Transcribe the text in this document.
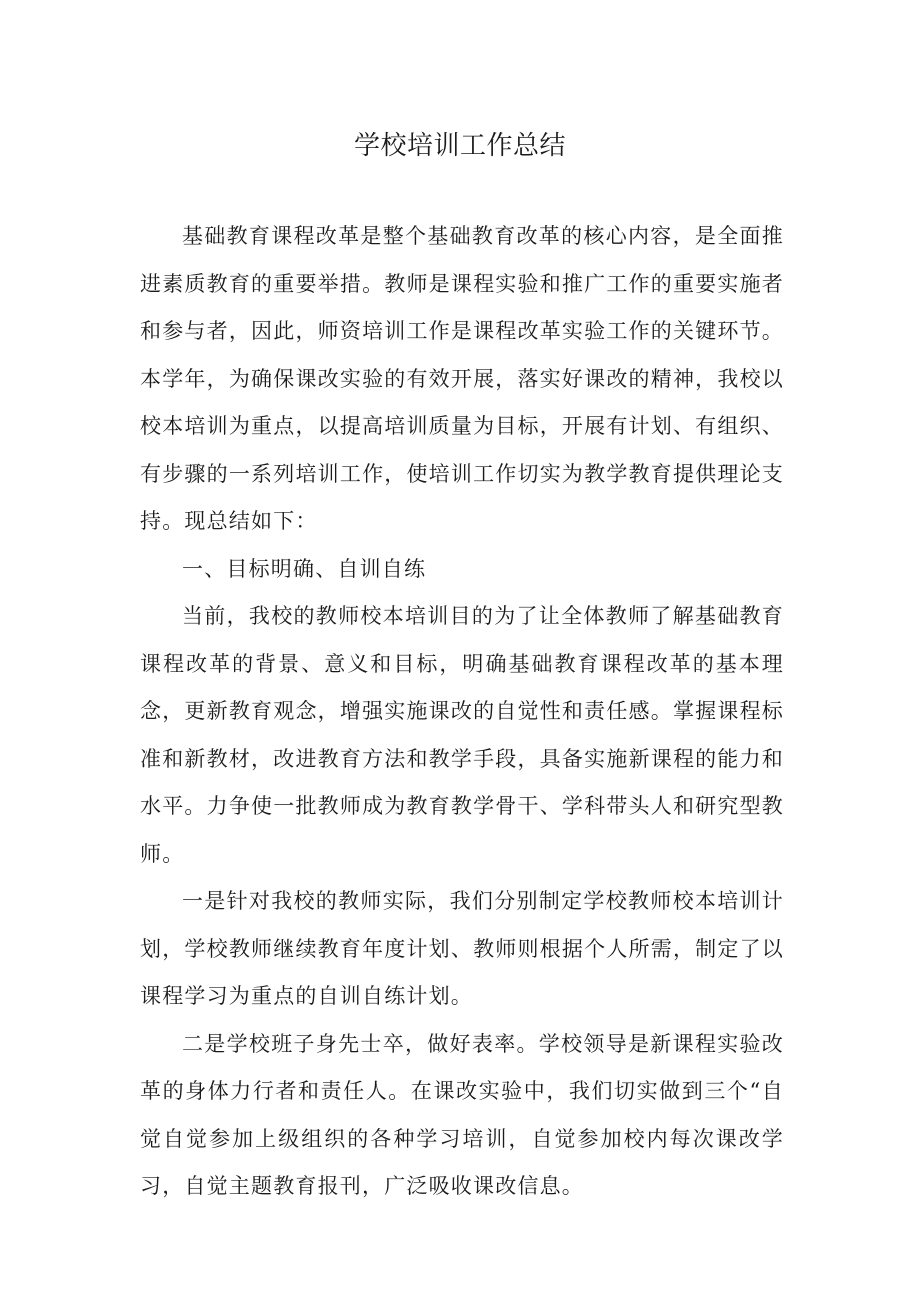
学校培训工作总结

基础教育课程改革是整个基础教育改革的核心内容，是全面推进素质教育的重要举措。教师是课程实验和推广工作的重要实施者和参与者，因此，师资培训工作是课程改革实验工作的关键环节。本学年，为确保课改实验的有效开展，落实好课改的精神，我校以校本培训为重点，以提高培训质量为目标，开展有计划、有组织、有步骤的一系列培训工作，使培训工作切实为教学教育提供理论支持。现总结如下：

一、目标明确、自训自练

当前，我校的教师校本培训目的为了让全体教师了解基础教育课程改革的背景、意义和目标，明确基础教育课程改革的基本理念，更新教育观念，增强实施课改的自觉性和责任感。掌握课程标准和新教材，改进教育方法和教学手段，具备实施新课程的能力和水平。力争使一批教师成为教育教学骨干、学科带头人和研究型教师。

一是针对我校的教师实际，我们分别制定学校教师校本培训计划，学校教师继续教育年度计划、教师则根据个人所需，制定了以课程学习为重点的自训自练计划。

二是学校班子身先士卒，做好表率。学校领导是新课程实验改革的身体力行者和责任人。在课改实验中，我们切实做到三个“自觉自觉参加上级组织的各种学习培训，自觉参加校内每次课改学习，自觉主题教育报刊，广泛吸收课改信息。
